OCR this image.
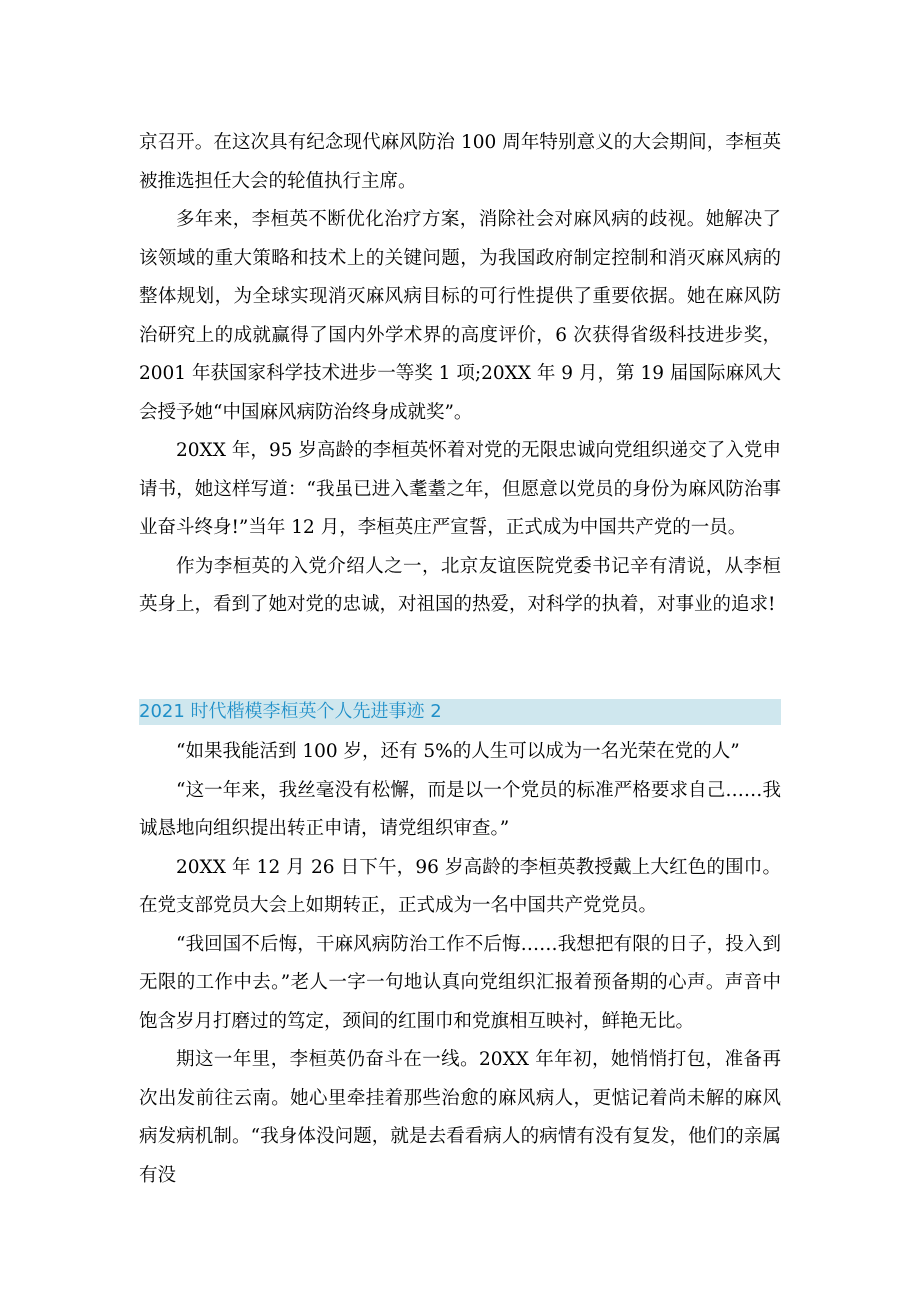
京召开。在这次具有纪念现代麻风防治 100 周年特别意义的大会期间，李桓英被推选担任大会的轮值执行主席。

多年来，李桓英不断优化治疗方案，消除社会对麻风病的歧视。她解决了该领域的重大策略和技术上的关键问题，为我国政府制定控制和消灭麻风病的整体规划，为全球实现消灭麻风病目标的可行性提供了重要依据。她在麻风防治研究上的成就赢得了国内外学术界的高度评价，6 次获得省级科技进步奖，2001 年获国家科学技术进步一等奖 1 项;20XX 年 9 月，第 19 届国际麻风大会授予她“中国麻风病防治终身成就奖”。

20XX 年，95 岁高龄的李桓英怀着对党的无限忠诚向党组织递交了入党申请书，她这样写道：“我虽已进入耄耋之年，但愿意以党员的身份为麻风防治事业奋斗终身!”当年 12 月，李桓英庄严宣誓，正式成为中国共产党的一员。

作为李桓英的入党介绍人之一，北京友谊医院党委书记辛有清说，从李桓英身上，看到了她对党的忠诚，对祖国的热爱，对科学的执着，对事业的追求!

2021 时代楷模李桓英个人先进事迹 2

“如果我能活到 100 岁，还有 5%的人生可以成为一名光荣在党的人”

“这一年来，我丝毫没有松懈，而是以一个党员的标准严格要求自己……我诚恳地向组织提出转正申请，请党组织审查。”

20XX 年 12 月 26 日下午，96 岁高龄的李桓英教授戴上大红色的围巾。在党支部党员大会上如期转正，正式成为一名中国共产党党员。

“我回国不后悔，干麻风病防治工作不后悔……我想把有限的日子，投入到无限的工作中去。”老人一字一句地认真向党组织汇报着预备期的心声。声音中饱含岁月打磨过的笃定，颈间的红围巾和党旗相互映衬，鲜艳无比。

期这一年里，李桓英仍奋斗在一线。20XX 年年初，她悄悄打包，准备再次出发前往云南。她心里牵挂着那些治愈的麻风病人，更惦记着尚未解的麻风病发病机制。“我身体没问题，就是去看看病人的病情有没有复发，他们的亲属有没
